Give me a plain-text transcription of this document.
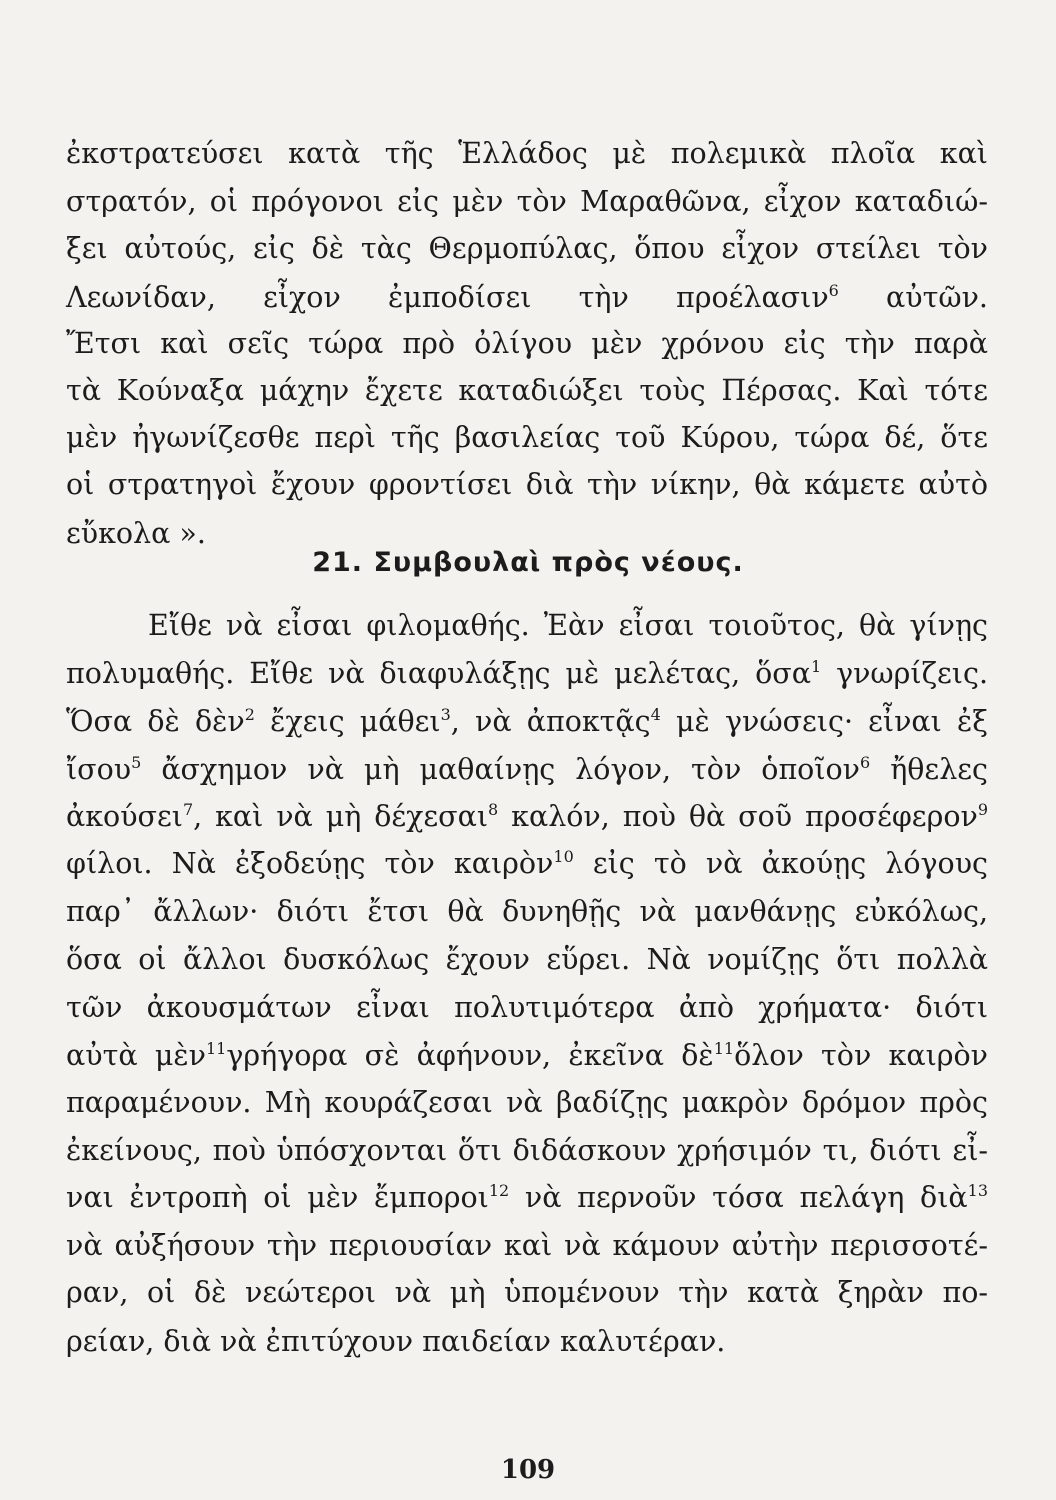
ἐκστρατεύσει κατὰ τῆς Ἑλλάδος μὲ πολεμικὰ πλοῖα καὶ
στρατόν, οἱ πρόγονοι εἰς μὲν τὸν Μαραθῶνα, εἶχον καταδιώ-
ξει αὐτούς, εἰς δὲ τὰς Θερμοπύλας, ὅπου εἶχον στείλει τὸν
Λεωνίδαν, εἶχον ἐμποδίσει τὴν προέλασιν$^6$ αὐτῶν.
Ἔτσι καὶ σεῖς τώρα πρὸ ὀλίγου μὲν χρόνου εἰς τὴν παρὰ
τὰ Κούναξα μάχην ἔχετε καταδιώξει τοὺς Πέρσας. Καὶ τότε
μὲν ἠγωνίζεσθε περὶ τῆς βασιλείας τοῦ Κύρου, τώρα δέ, ὅτε
οἱ στρατηγοὶ ἔχουν φροντίσει διὰ τὴν νίκην, θὰ κάμετε αὐτὸ
εὔκολα ».
21. Συμβουλαὶ πρὸς νέους.
Εἴθε νὰ εἶσαι φιλομαθής. Ἐὰν εἶσαι τοιοῦτος, θὰ γίνῃς
πολυμαθής. Εἴθε νὰ διαφυλάξῃς μὲ μελέτας, ὅσα$^1$ γνωρίζεις.
Ὅσα δὲ δὲν$^2$ ἔχεις μάθει$^3$, νὰ ἀποκτᾷς$^4$ μὲ γνώσεις· εἶναι ἐξ
ἴσου$^5$ ἄσχημον νὰ μὴ μαθαίνῃς λόγον, τὸν ὁποῖον$^6$ ἤθελες
ἀκούσει$^7$, καὶ νὰ μὴ δέχεσαι$^8$ καλόν, ποὺ θὰ σοῦ προσέφερον$^9$
φίλοι. Νὰ ἐξοδεύῃς τὸν καιρὸν$^{10}$ εἰς τὸ νὰ ἀκούῃς λόγους
παρ᾽ ἄλλων· διότι ἔτσι θὰ δυνηθῇς νὰ μανθάνῃς εὐκόλως,
ὅσα οἱ ἄλλοι δυσκόλως ἔχουν εὕρει. Νὰ νομίζῃς ὅτι πολλὰ
τῶν ἀκουσμάτων εἶναι πολυτιμότερα ἀπὸ χρήματα· διότι
αὐτὰ μὲν$^{11}$γρήγορα σὲ ἀφήνουν, ἐκεῖνα δὲ$^{11}$ὅλον τὸν καιρὸν
παραμένουν. Μὴ κουράζεσαι νὰ βαδίζῃς μακρὸν δρόμον πρὸς
ἐκείνους, ποὺ ὑπόσχονται ὅτι διδάσκουν χρήσιμόν τι, διότι εἶ-
ναι ἐντροπὴ οἱ μὲν ἔμποροι$^{12}$ νὰ περνοῦν τόσα πελάγη διὰ$^{13}$
νὰ αὐξήσουν τὴν περιουσίαν καὶ νὰ κάμουν αὐτὴν περισσοτέ-
ραν, οἱ δὲ νεώτεροι νὰ μὴ ὑπομένουν τὴν κατὰ ξηρὰν πο-
ρείαν, διὰ νὰ ἐπιτύχουν παιδείαν καλυτέραν.
109
